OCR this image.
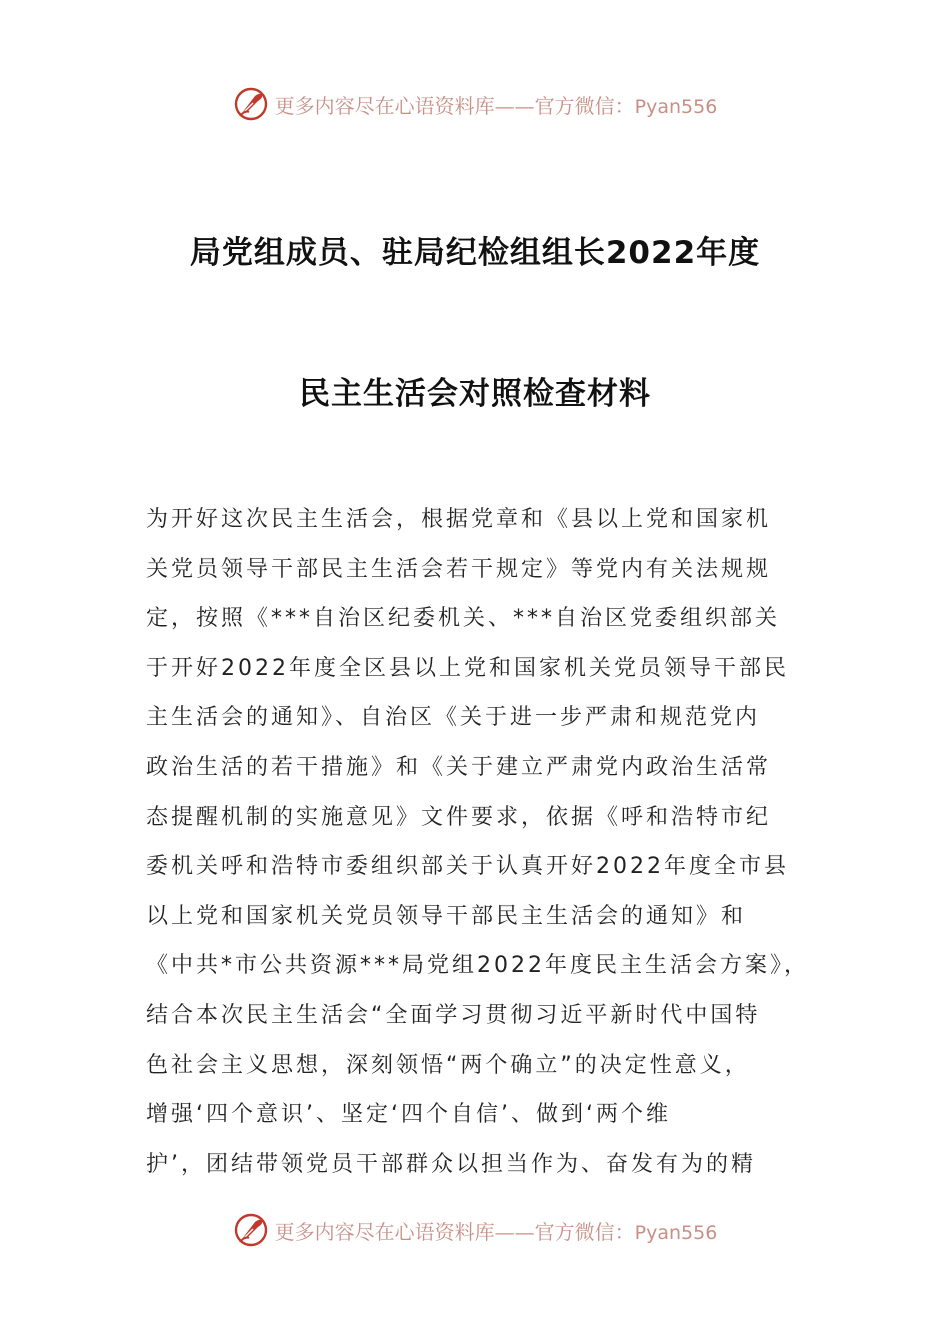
更多内容尽在心语资料库——官方微信：Pyan556
局党组成员、驻局纪检组组长2022年度
民主生活会对照检查材料
为开好这次民主生活会，根据党章和《县以上党和国家机
关党员领导干部民主生活会若干规定》等党内有关法规规
定，按照《***自治区纪委机关、***自治区党委组织部关
于开好2022年度全区县以上党和国家机关党员领导干部民
主生活会的通知》、自治区《关于进一步严肃和规范党内
政治生活的若干措施》和《关于建立严肃党内政治生活常
态提醒机制的实施意见》文件要求，依据《呼和浩特市纪
委机关呼和浩特市委组织部关于认真开好2022年度全市县
以上党和国家机关党员领导干部民主生活会的通知》和
《中共*市公共资源***局党组2022年度民主生活会方案》，
结合本次民主生活会“全面学习贯彻习近平新时代中国特
色社会主义思想，深刻领悟“两个确立”的决定性意义，
增强‘四个意识’、坚定‘四个自信’、做到‘两个维
护’，团结带领党员干部群众以担当作为、奋发有为的精
更多内容尽在心语资料库——官方微信：Pyan556
